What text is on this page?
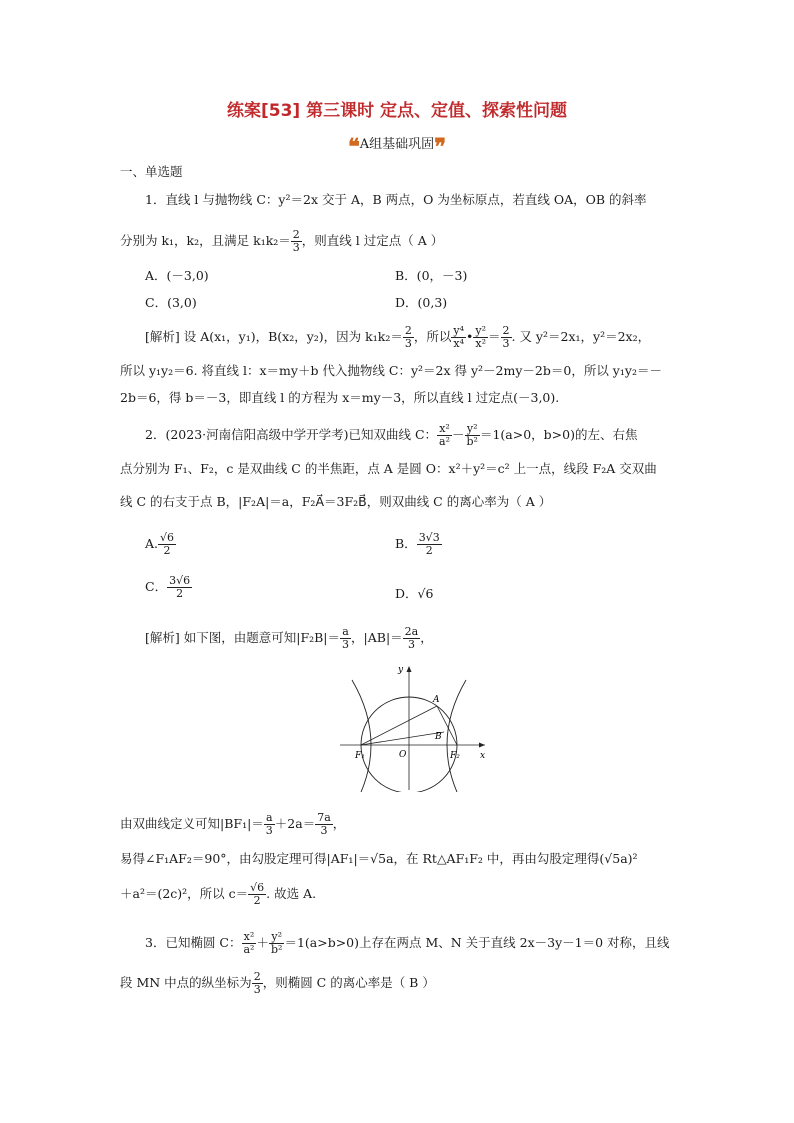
练案[53] 第三课时 定点、定值、探索性问题
❝A组基础巩固❞
一、单选题
1．直线 l 与抛物线 C：y²＝2x 交于 A，B 两点，O 为坐标原点，若直线 OA，OB 的斜率
分别为 k₁，k₂，且满足 $k_1k_2= \frac{2}{3}$ ，则直线 l 过定点（ A ）
A．(－3,0)	B．(0，－3)
C．(3,0)	D．(0,3)
[解析] 设 A(x₁，y₁)，B(x₂，y₂)，因为 $k_1k_2= \frac{2}{3}$ ，所以 $\frac{\text{y⁴}}{\text{x⁴}}$ • $\frac{\text{y²}}{\text{x²}} = \frac{2}{3}$ . 又 y²＝2x₁，y²＝2x₂，
所以 y₁y₂＝6. 将直线 l：x＝my＋b 代入抛物线 C：y²＝2x 得 y²－2my－2b＝0，所以 y₁y₂＝－
2b＝6，得 b＝－3，即直线 l 的方程为 x＝my－3，所以直线 l 过定点(－3,0).
2．(2023·河南信阳高级中学开学考)已知双曲线 C： $\frac{\text{x²}}{\text{a²}} - \frac{\text{y²}}{\text{b²}} =1(a>0$，b>0)的左、右焦
点分别为 F₁、F₂，c 是双曲线 C 的半焦距，点 A 是圆 O：x²＋y²＝c² 上一点，线段 F₂A 交双曲
线 C 的右支于点 B，|F₂A|＝a，F₂A⃗＝3F₂B⃗，则双曲线 C 的离心率为（ A ）
A. $\frac{√6}{2}$	B． $\frac{3√3}{2}$
C． $\frac{3√6}{2}$	D．√6
[解析] 如下图，由题意可知$|F_2B|= \frac{a}{3}$ ，$|AB|= \frac{2a}{3}$ ，
y
x
A
B
O
F₁	F₂
由双曲线定义可知$|BF_1|= \frac{a}{3} +2a= \frac{7a}{3}$ ，
易得∠F₁AF₂＝90°，由勾股定理可得|AF₁|＝√5a，在 Rt△AF₁F₂ 中，再由勾股定理得(√5a)²
＋a²＝(2c)²，所以 $c= \frac{√6}{2}$ . 故选 A.
3．已知椭圆 C： $\frac{\text{x²}}{\text{a²}} + \frac{\text{y²}}{\text{b²}} =1(a>b>0)$上存在两点 M、N 关于直线 2x－3y－1＝0 对称，且线
段 MN 中点的纵坐标为 $\frac{2}{3}$ ，则椭圆 C 的离心率是（ B ）
